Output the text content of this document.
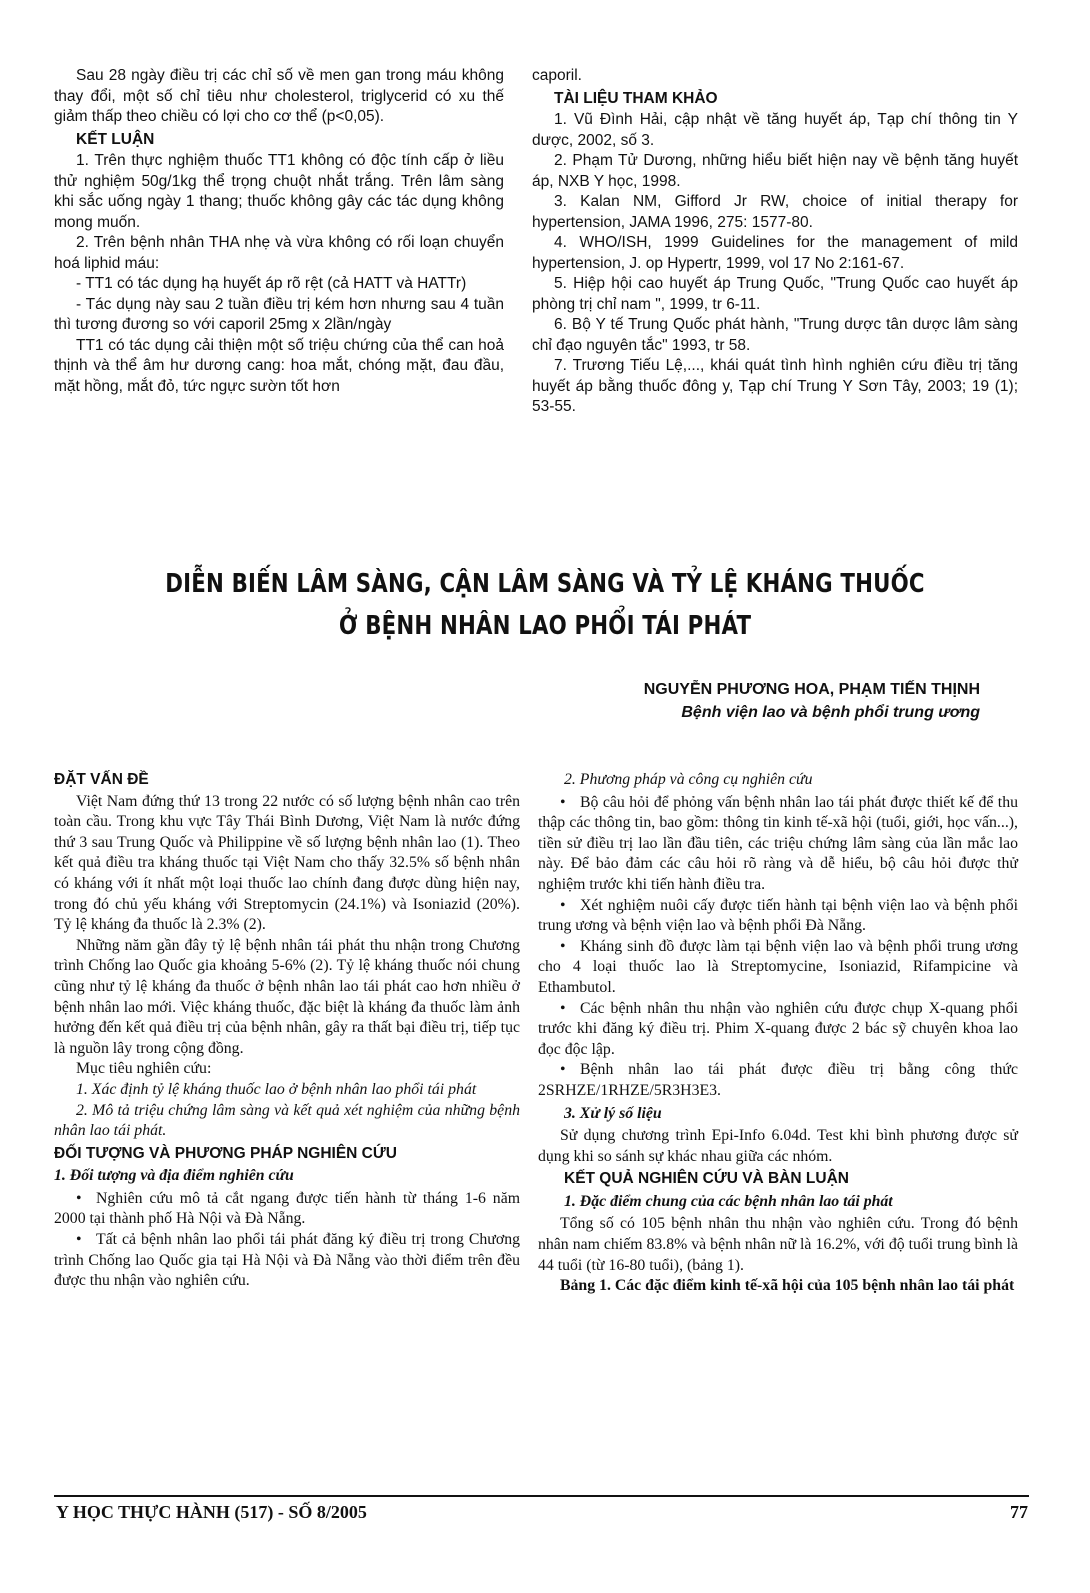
Sau 28 ngày điều trị các chỉ số về men gan trong máu không thay đổi, một số chỉ tiêu như cholesterol, triglycerid có xu thế giảm thấp theo chiều có lợi cho cơ thể (p<0,05).

KẾT LUẬN

1. Trên thực nghiệm thuốc TT1 không có độc tính cấp ở liều thử nghiệm 50g/1kg thể trọng chuột nhắt trắng. Trên lâm sàng khi sắc uống ngày 1 thang; thuốc không gây các tác dụng không mong muốn.

2. Trên bệnh nhân THA nhẹ và vừa không có rối loạn chuyển hoá liphid máu:

- TT1 có tác dụng hạ huyết áp rõ rệt (cả HATT và HATTr)

- Tác dụng này sau 2 tuần điều trị kém hơn nhưng sau 4 tuần thì tương đương so với caporil 25mg x 2lần/ngày

TT1 có tác dụng cải thiện một số triệu chứng của thể can hoả thịnh và thể âm hư dương cang: hoa mắt, chóng mặt, đau đầu, mặt hồng, mắt đỏ, tức ngực sườn tốt hơn

caporil.

TÀI LIỆU THAM KHẢO

1. Vũ Đình Hải, cập nhật về tăng huyết áp, Tạp chí thông tin Y dược, 2002, số 3.

2. Phạm Tử Dương, những hiểu biết hiện nay về bệnh tăng huyết áp, NXB Y học, 1998.

3. Kalan NM, Gifford Jr RW, choice of initial therapy for hypertension, JAMA 1996, 275: 1577-80.

4. WHO/ISH, 1999 Guidelines for the management of mild hypertension, J. op Hypertr, 1999, vol 17 No 2:161-67.

5. Hiệp hội cao huyết áp Trung Quốc, "Trung Quốc cao huyết áp phòng trị chỉ nam ", 1999, tr 6-11.

6. Bộ Y tế Trung Quốc phát hành, "Trung dược tân dược lâm sàng chỉ đạo nguyên tắc" 1993, tr 58.

7. Trương Tiếu Lệ,..., khái quát tình hình nghiên cứu điều trị tăng huyết áp bằng thuốc đông y, Tạp chí Trung Y Sơn Tây, 2003; 19 (1); 53-55.

DIỄN BIẾN LÂM SÀNG, CẬN LÂM SÀNG VÀ TỶ LỆ KHÁNG THUỐC
Ở BỆNH NHÂN LAO PHỔI TÁI PHÁT
NGUYỄN PHƯƠNG HOA, PHẠM TIẾN THỊNH
Bệnh viện lao và bệnh phổi trung ương
ĐẶT VẤN ĐỀ

Việt Nam đứng thứ 13 trong 22 nước có số lượng bệnh nhân cao trên toàn cầu. Trong khu vực Tây Thái Bình Dương, Việt Nam là nước đứng thứ 3 sau Trung Quốc và Philippine về số lượng bệnh nhân lao (1). Theo kết quả điều tra kháng thuốc tại Việt Nam cho thấy 32.5% số bệnh nhân có kháng với ít nhất một loại thuốc lao chính đang được dùng hiện nay, trong đó chủ yếu kháng với Streptomycin (24.1%) và Isoniazid (20%). Tỷ lệ kháng đa thuốc là 2.3% (2).

Những năm gần đây tỷ lệ bệnh nhân tái phát thu nhận trong Chương trình Chống lao Quốc gia khoảng 5-6% (2). Tỷ lệ kháng thuốc nói chung cũng như tỷ lệ kháng đa thuốc ở bệnh nhân lao tái phát cao hơn nhiều ở bệnh nhân lao mới. Việc kháng thuốc, đặc biệt là kháng đa thuốc làm ảnh hưởng đến kết quả điều trị của bệnh nhân, gây ra thất bại điều trị, tiếp tục là nguồn lây trong cộng đồng.

Mục tiêu nghiên cứu:

1. Xác định tỷ lệ kháng thuốc lao ở bệnh nhân lao phổi tái phát

2. Mô tả triệu chứng lâm sàng và kết quả xét nghiệm của những bệnh nhân lao tái phát.

ĐỐI TƯỢNG VÀ PHƯƠNG PHÁP NGHIÊN CỨU
1. Đối tượng và địa điểm nghiên cứu

• Nghiên cứu mô tả cắt ngang được tiến hành từ tháng 1-6 năm 2000 tại thành phố Hà Nội và Đà Nẵng.

• Tất cả bệnh nhân lao phổi tái phát đăng ký điều trị trong Chương trình Chống lao Quốc gia tại Hà Nội và Đà Nẵng vào thời điểm trên đều được thu nhận vào nghiên cứu.

2. Phương pháp và công cụ nghiên cứu

• Bộ câu hỏi để phỏng vấn bệnh nhân lao tái phát được thiết kế để thu thập các thông tin, bao gồm: thông tin kinh tế-xã hội (tuổi, giới, học vấn...), tiền sử điều trị lao lần đầu tiên, các triệu chứng lâm sàng của lần mắc lao này. Để bảo đảm các câu hỏi rõ ràng và dễ hiểu, bộ câu hỏi được thử nghiệm trước khi tiến hành điều tra.

• Xét nghiệm nuôi cấy được tiến hành tại bệnh viện lao và bệnh phổi trung ương và bệnh viện lao và bệnh phổi Đà Nẵng.

• Kháng sinh đồ được làm tại bệnh viện lao và bệnh phổi trung ương cho 4 loại thuốc lao là Streptomycine, Isoniazid, Rifampicine và Ethambutol.

• Các bệnh nhân thu nhận vào nghiên cứu được chụp X-quang phổi trước khi đăng ký điều trị. Phim X-quang được 2 bác sỹ chuyên khoa lao đọc độc lập.

• Bệnh nhân lao tái phát được điều trị bằng công thức 2SRHZE/1RHZE/5R3H3E3.

3. Xử lý số liệu

Sử dụng chương trình Epi-Info 6.04d. Test khi bình phương được sử dụng khi so sánh sự khác nhau giữa các nhóm.

KẾT QUẢ NGHIÊN CỨU VÀ BÀN LUẬN
1. Đặc điểm chung của các bệnh nhân lao tái phát

Tổng số có 105 bệnh nhân thu nhận vào nghiên cứu. Trong đó bệnh nhân nam chiếm 83.8% và bệnh nhân nữ là 16.2%, với độ tuổi trung bình là 44 tuổi (từ 16-80 tuổi), (bảng 1).

Bảng 1. Các đặc điểm kinh tế-xã hội của 105 bệnh nhân lao tái phát

Y HỌC THỰC HÀNH (517) - SỐ 8/2005	77
